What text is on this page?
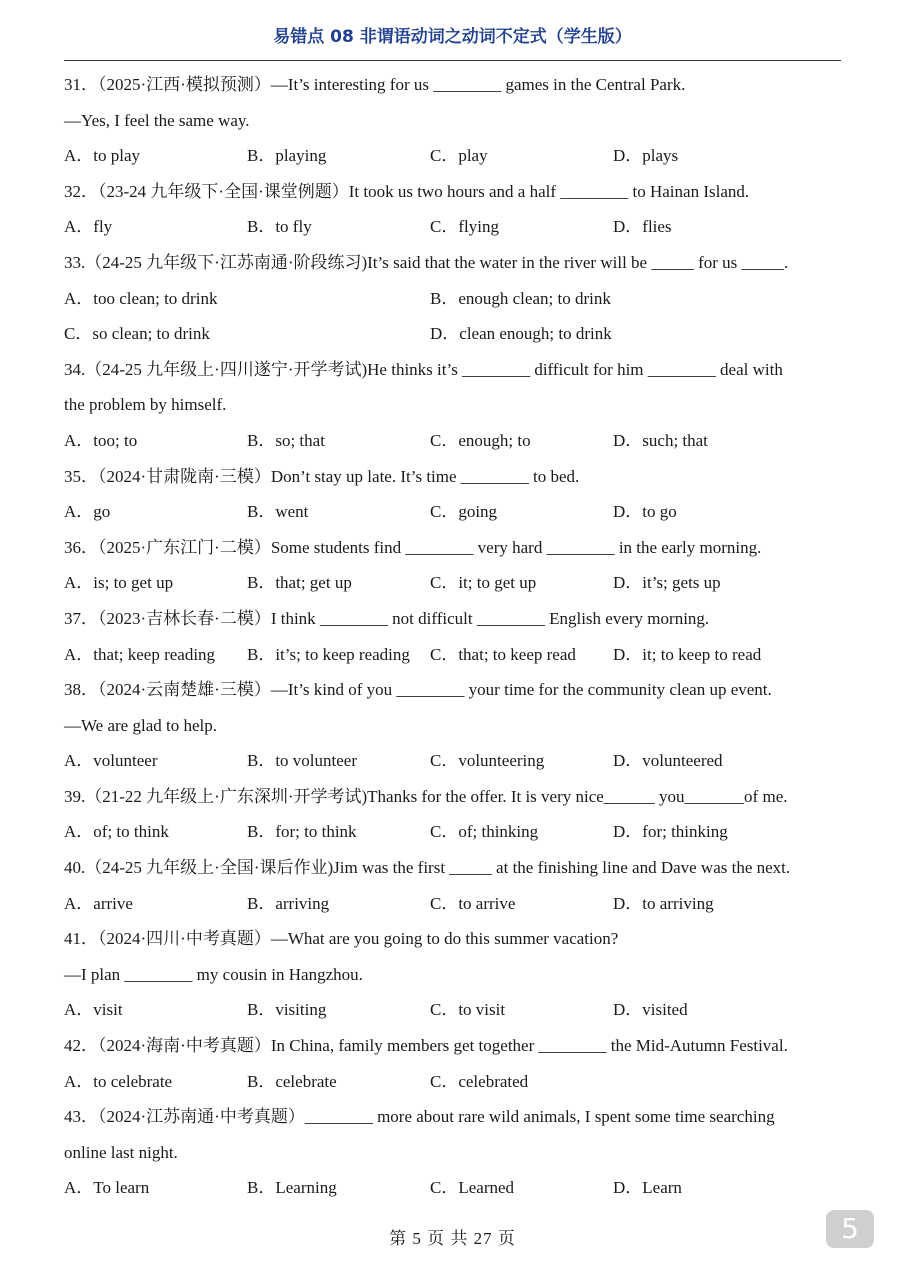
易错点 08 非谓语动词之动词不定式（学生版）
31．（2025·江西·模拟预测）—It’s interesting for us ________ games in the Central Park.
—Yes, I feel the same way.
A．to play	B．playing	C．play	D．plays
32．（23-24 九年级下·全国·课堂例题）It took us two hours and a half ________ to Hainan Island.
A．fly	B．to fly	C．flying	D．flies
33.（24-25 九年级下·江苏南通·阶段练习)It’s said that the water in the river will be _____ for us _____.
A．too clean; to drink	B．enough clean; to drink
C．so clean; to drink	D．clean enough; to drink
34.（24-25 九年级上·四川遂宁·开学考试)He thinks it’s ________ difficult for him ________ deal with
the problem by himself.
A．too; to	B．so; that	C．enough; to	D．such; that
35．（2024·甘肃陇南·三模）Don’t stay up late. It’s time ________ to bed.
A．go	B．went	C．going	D．to go
36．（2025·广东江门·二模）Some students find ________ very hard ________ in the early morning.
A．is; to get up	B．that; get up	C．it; to get up	D．it’s; gets up
37．（2023·吉林长春·二模）I think ________ not difficult ________ English every morning.
A．that; keep reading	B．it’s; to keep reading	C．that; to keep read	D．it; to keep to read
38．（2024·云南楚雄·三模）—It’s kind of you ________ your time for the community clean up event.
—We are glad to help.
A．volunteer	B．to volunteer	C．volunteering	D．volunteered
39.（21-22 九年级上·广东深圳·开学考试)Thanks for the offer. It is very nice______ you_______of me.
A．of; to think	B．for; to think	C．of; thinking	D．for; thinking
40.（24-25 九年级上·全国·课后作业)Jim was the first _____ at the finishing line and Dave was the next.
A．arrive	B．arriving	C．to arrive	D．to arriving
41．（2024·四川·中考真题）—What are you going to do this summer vacation?
—I plan ________ my cousin in Hangzhou.
A．visit	B．visiting	C．to visit	D．visited
42．（2024·海南·中考真题）In China, family members get together ________ the Mid-Autumn Festival.
A．to celebrate	B．celebrate	C．celebrated
43．（2024·江苏南通·中考真题）________ more about rare wild animals, I spent some time searching
online last night.
A．To learn	B．Learning	C．Learned	D．Learn
第 5 页 共 27 页	5
